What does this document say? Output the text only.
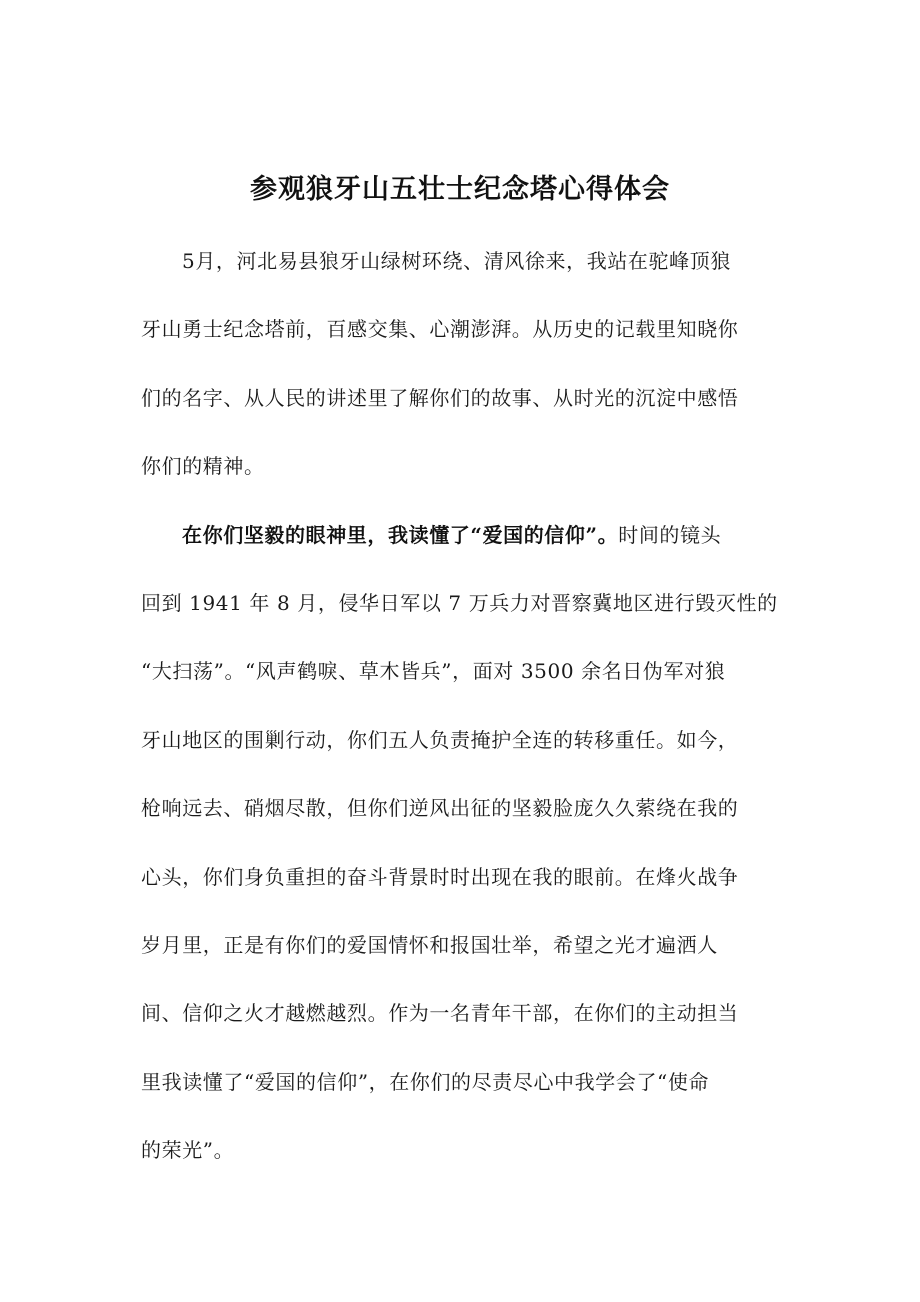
参观狼牙山五壮士纪念塔心得体会
5月，河北易县狼牙山绿树环绕、清风徐来，我站在驼峰顶狼
牙山勇士纪念塔前，百感交集、心潮澎湃。从历史的记载里知晓你
们的名字、从人民的讲述里了解你们的故事、从时光的沉淀中感悟
你们的精神。
在你们坚毅的眼神里，我读懂了“爱国的信仰”。时间的镜头
回到 1941 年 8 月，侵华日军以 7 万兵力对晋察冀地区进行毁灭性的
“大扫荡”。“风声鹤唳、草木皆兵”，面对 3500 余名日伪军对狼
牙山地区的围剿行动，你们五人负责掩护全连的转移重任。如今，
枪响远去、硝烟尽散，但你们逆风出征的坚毅脸庞久久萦绕在我的
心头，你们身负重担的奋斗背景时时出现在我的眼前。在烽火战争
岁月里，正是有你们的爱国情怀和报国壮举，希望之光才遍洒人
间、信仰之火才越燃越烈。作为一名青年干部，在你们的主动担当
里我读懂了“爱国的信仰”，在你们的尽责尽心中我学会了“使命
的荣光”。
